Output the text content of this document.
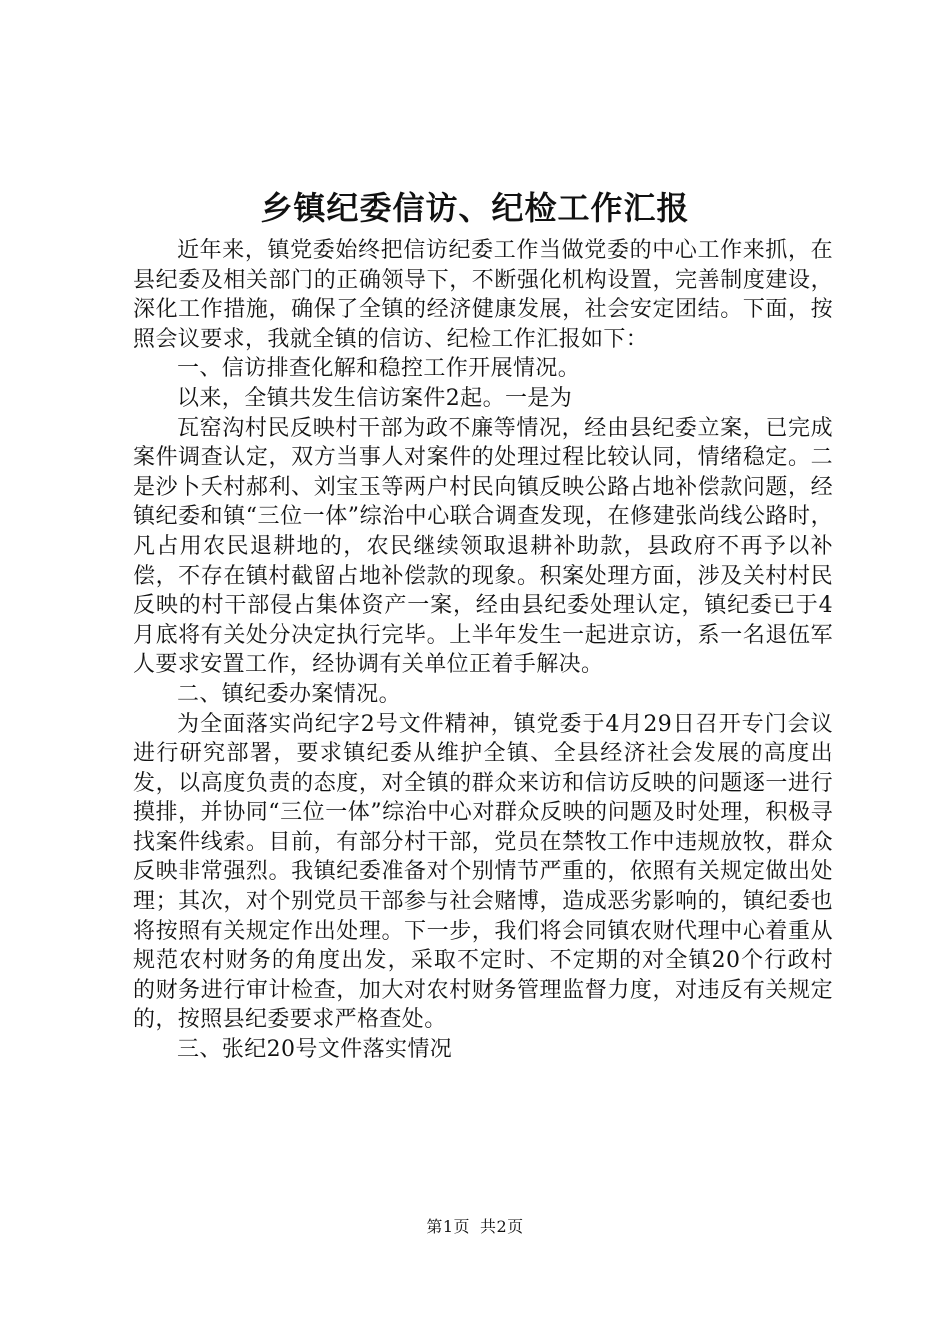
乡镇纪委信访、纪检工作汇报

近年来，镇党委始终把信访纪委工作当做党委的中心工作来抓，在县纪委及相关部门的正确领导下，不断强化机构设置，完善制度建设，深化工作措施，确保了全镇的经济健康发展，社会安定团结。下面，按照会议要求，我就全镇的信访、纪检工作汇报如下：

一、信访排查化解和稳控工作开展情况。

以来，全镇共发生信访案件2起。一是为

瓦窑沟村民反映村干部为政不廉等情况，经由县纪委立案，已完成案件调查认定，双方当事人对案件的处理过程比较认同，情绪稳定。二是沙卜夭村郝利、刘宝玉等两户村民向镇反映公路占地补偿款问题，经镇纪委和镇“三位一体”综治中心联合调查发现，在修建张尚线公路时，凡占用农民退耕地的，农民继续领取退耕补助款，县政府不再予以补偿，不存在镇村截留占地补偿款的现象。积案处理方面，涉及关村村民反映的村干部侵占集体资产一案，经由县纪委处理认定，镇纪委已于4月底将有关处分决定执行完毕。上半年发生一起进京访，系一名退伍军人要求安置工作，经协调有关单位正着手解决。

二、镇纪委办案情况。

为全面落实尚纪字2号文件精神，镇党委于4月29日召开专门会议进行研究部署，要求镇纪委从维护全镇、全县经济社会发展的高度出发，以高度负责的态度，对全镇的群众来访和信访反映的问题逐一进行摸排，并协同“三位一体”综治中心对群众反映的问题及时处理，积极寻找案件线索。目前，有部分村干部，党员在禁牧工作中违规放牧，群众反映非常强烈。我镇纪委准备对个别情节严重的，依照有关规定做出处理；其次，对个别党员干部参与社会赌博，造成恶劣影响的，镇纪委也将按照有关规定作出处理。下一步，我们将会同镇农财代理中心着重从规范农村财务的角度出发，采取不定时、不定期的对全镇20个行政村的财务进行审计检查，加大对农村财务管理监督力度，对违反有关规定的，按照县纪委要求严格查处。

三、张纪20号文件落实情况

第1页 共2页
